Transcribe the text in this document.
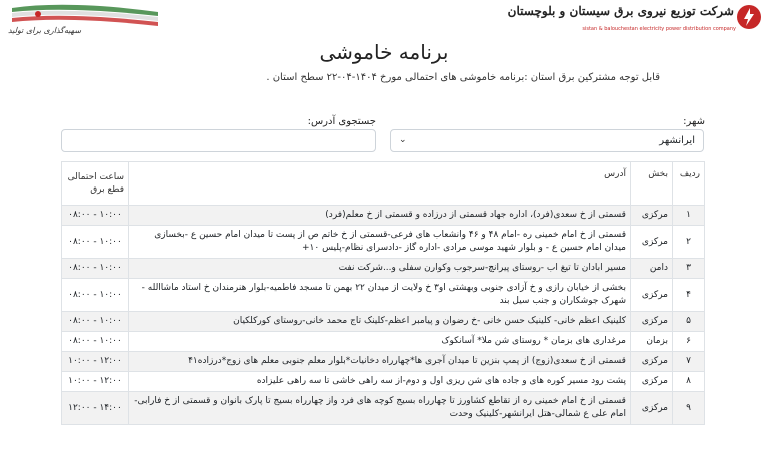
سهیه‌گذاری برای تولید
شرکت توزیع نیروی برق سیستان و بلوچستان
sistan & balouchestan electricity power distribution company
برنامه خاموشی
قابل توجه مشترکین برق استان :برنامه خاموشی های احتمالی مورخ ۱۴۰۴-۰۴-۲۲ سطح استان .
شهر:
ایرانشهر
⌄
جستجوی آدرس:
ردیف	بخش	آدرس	ساعت احتمالی قطع برق
۱	مرکزی	قسمتی از خ سعدی(فرد)، اداره جهاد قسمتی از درزاده و قسمتی از خ معلم(فرد)	۰۸:۰۰ - ۱۰:۰۰
۲	مرکزی	قسمتی از خ امام خمینی ره -امام ۴۸ و ۴۶ وانشعاب های فرعی-قسمتی از خ خاتم ص از پست تا میدان امام حسین ع -بخسازی میدان امام حسین ع - و بلوار شهید موسی مرادی -اداره گاز -دادسرای نظام-پلیس ۱۰+	۰۸:۰۰ - ۱۰:۰۰
۳	دامن	مسیر ابادان تا تیغ اب -روستای پیرانچ-سرجوب وکوارن سفلی و...شرکت نفت	۰۸:۰۰ - ۱۰:۰۰
۴	مرکزی	بخشی از خیابان رازی و خ آزادی جنوبی وبهشتی او۳ خ ولایت از میدان ۲۲ بهمن تا مسجد فاطمیه-بلوار هنرمندان خ استاد ماشاالله - شهرک جوشکاران و جنب سیل بند	۰۸:۰۰ - ۱۰:۰۰
۵	مرکزی	کلینیک اعظم خانی- کلینیک حسن خانی -خ رضوان و پیامبر اعظم-کلینک تاج محمد خانی-روستای کورکلکیان	۰۸:۰۰ - ۱۰:۰۰
۶	بزمان	مرغداری های بزمان * روستای شن ملا* آسانکوک	۰۸:۰۰ - ۱۰:۰۰
۷	مرکزی	قسمتی از خ سعدی(زوج) از پمپ بنزین تا میدان آجری ها*چهارراه دخانیات*بلوار معلم جنوبی معلم های زوج*درزاده۴۱	۱۰:۰۰ - ۱۲:۰۰
۸	مرکزی	پشت رود مسیر کوره های و جاده های شن ریزی اول و دوم-از سه راهی خاشی تا سه راهی علیزاده	۱۰:۰۰ - ۱۲:۰۰
۹	مرکزی	قسمتی از خ امام خمینی ره از تقاطع کشاورز تا چهارراه بسیج کوچه های فرد واز چهارراه بسیج تا پارک بانوان و قسمتی از خ فارابی-امام علی ع شمالی-هتل ایرانشهر-کلینیک وحدت	۱۲:۰۰ - ۱۴:۰۰
